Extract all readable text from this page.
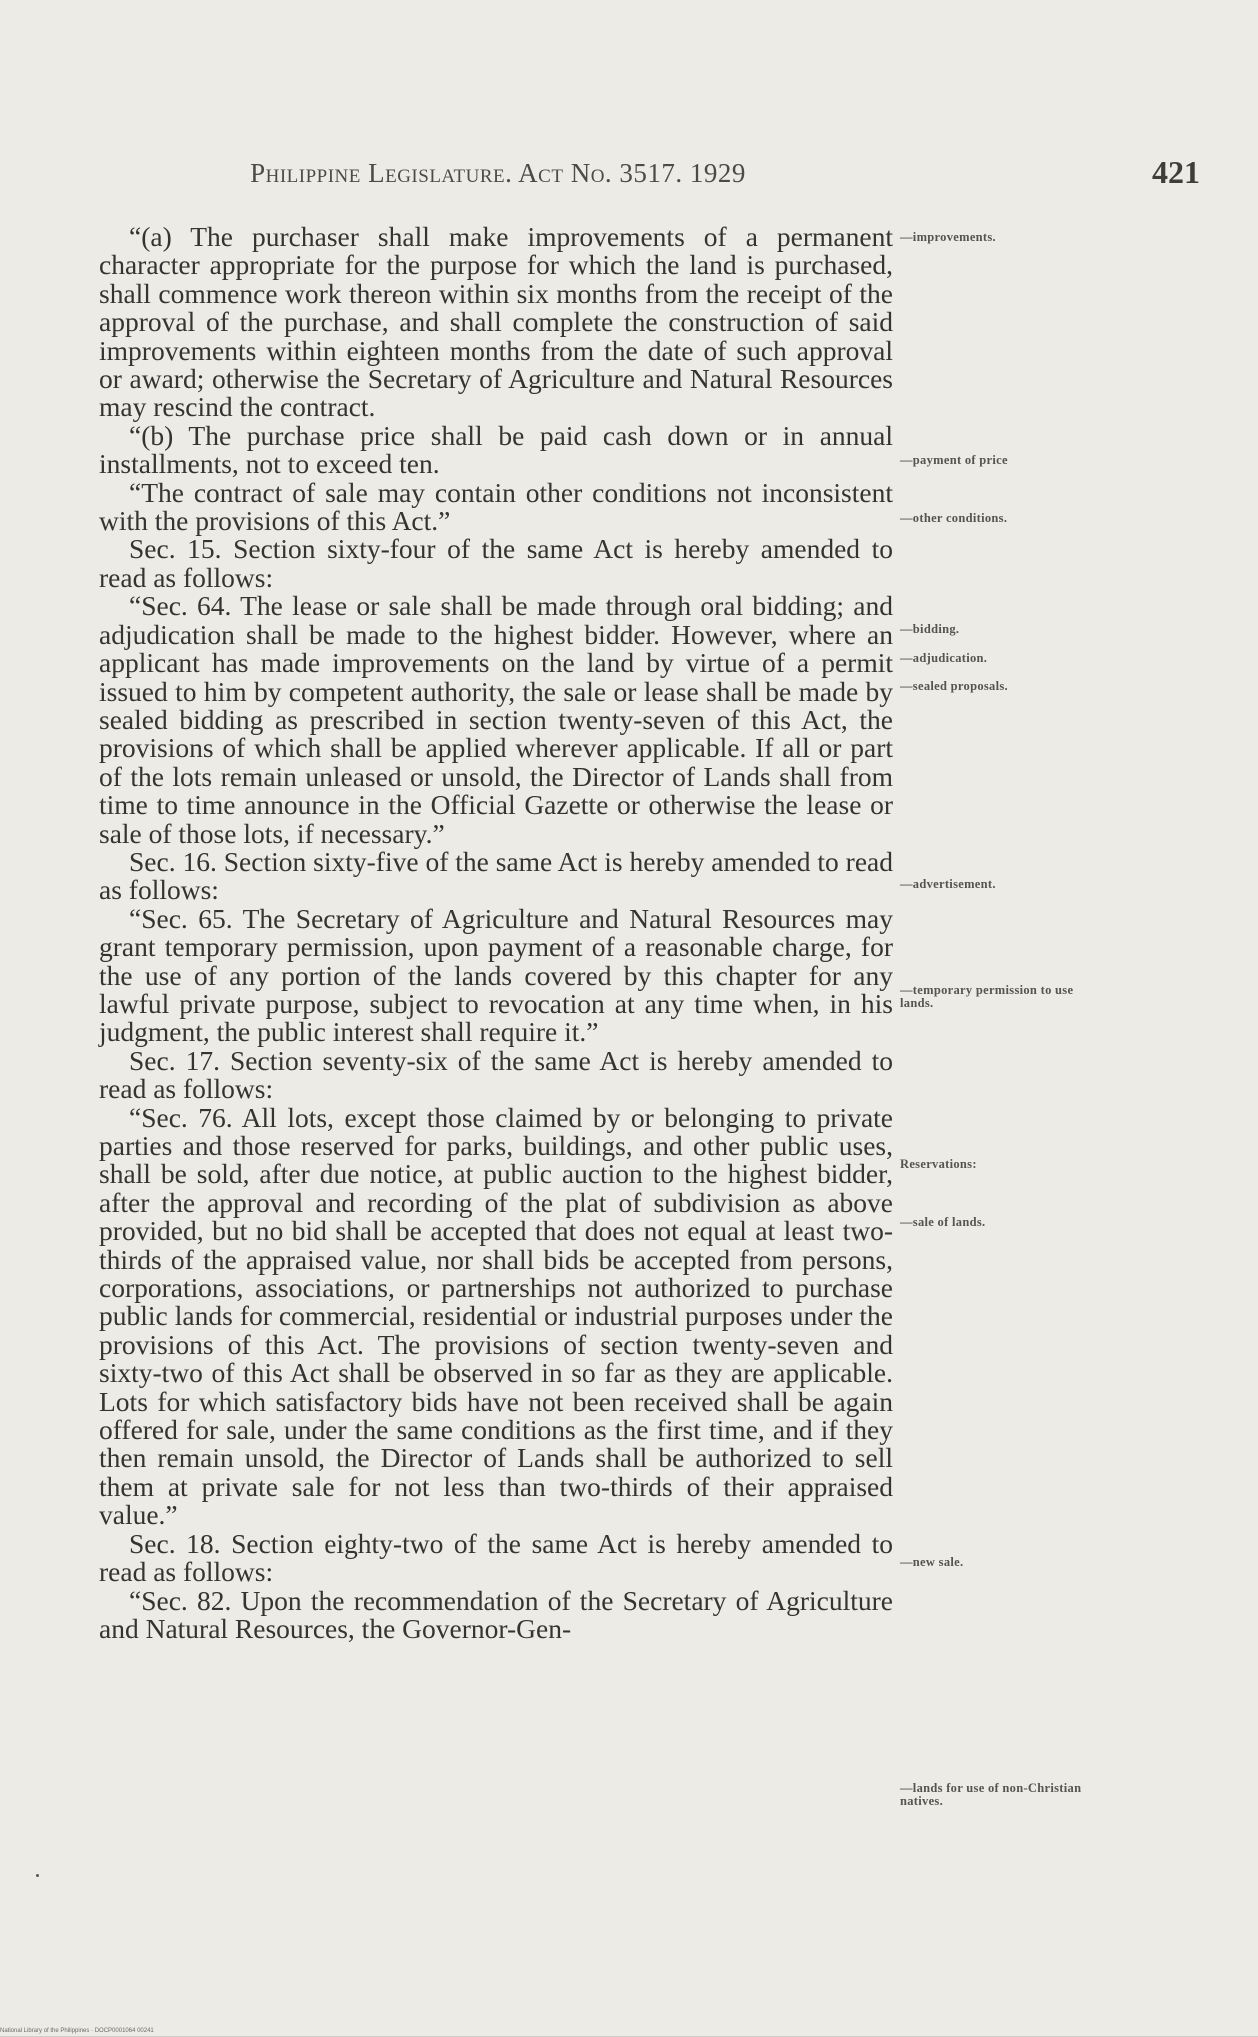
Philippine Legislature. Act No. 3517. 1929	421

“(a) The purchaser shall make improvements of a permanent character appropriate for the purpose for which the land is purchased, shall commence work thereon within six months from the receipt of the approval of the purchase, and shall complete the construction of said improvements within eighteen months from the date of such approval or award; otherwise the Secretary of Agriculture and Natural Resources may rescind the contract.

“(b) The purchase price shall be paid cash down or in annual installments, not to exceed ten.

“The contract of sale may contain other conditions not inconsistent with the provisions of this Act.”

Sec. 15. Section sixty-four of the same Act is hereby amended to read as follows:

“Sec. 64. The lease or sale shall be made through oral bidding; and adjudication shall be made to the highest bidder. However, where an applicant has made improvements on the land by virtue of a permit issued to him by competent authority, the sale or lease shall be made by sealed bidding as prescribed in section twenty-seven of this Act, the provisions of which shall be applied wherever applicable. If all or part of the lots remain unleased or unsold, the Director of Lands shall from time to time announce in the Official Gazette or otherwise the lease or sale of those lots, if necessary.”

Sec. 16. Section sixty-five of the same Act is hereby amended to read as follows:

“Sec. 65. The Secretary of Agriculture and Natural Resources may grant temporary permission, upon payment of a reasonable charge, for the use of any portion of the lands covered by this chapter for any lawful private purpose, subject to revocation at any time when, in his judgment, the public interest shall require it.”

Sec. 17. Section seventy-six of the same Act is hereby amended to read as follows:

“Sec. 76. All lots, except those claimed by or belonging to private parties and those reserved for parks, buildings, and other public uses, shall be sold, after due notice, at public auction to the highest bidder, after the approval and recording of the plat of subdivision as above provided, but no bid shall be accepted that does not equal at least two-thirds of the appraised value, nor shall bids be accepted from persons, corporations, associations, or partnerships not authorized to purchase public lands for commercial, residential or industrial purposes under the provisions of this Act. The provisions of section twenty-seven and sixty-two of this Act shall be observed in so far as they are applicable. Lots for which satisfactory bids have not been received shall be again offered for sale, under the same conditions as the first time, and if they then remain unsold, the Director of Lands shall be authorized to sell them at private sale for not less than two-thirds of their appraised value.”

Sec. 18. Section eighty-two of the same Act is hereby amended to read as follows:

“Sec. 82. Upon the recommendation of the Secretary of Agriculture and Natural Resources, the Governor-Gen-

—improvements.
—payment of price
—other conditions.
—bidding.
—adjudication.
—sealed proposals.
—advertisement.
—temporary permission to use lands.
Reservations:
—sale of lands.
—new sale.
—lands for use of non-Christian natives.
National Library of the Philippines · DOCP0001064 00241
